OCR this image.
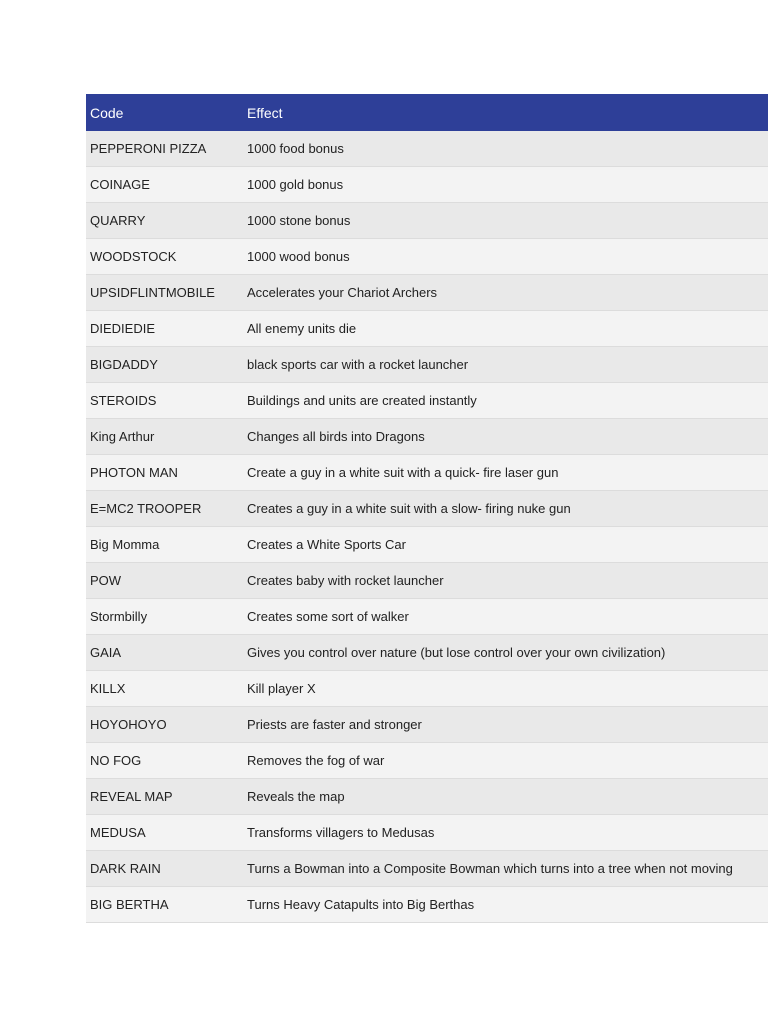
Code	Effect
PEPPERONI PIZZA	1000 food bonus
COINAGE	1000 gold bonus
QUARRY	1000 stone bonus
WOODSTOCK	1000 wood bonus
UPSIDFLINTMOBILE	Accelerates your Chariot Archers
DIEDIEDIE	All enemy units die
BIGDADDY	black sports car with a rocket launcher
STEROIDS	Buildings and units are created instantly
King Arthur	Changes all birds into Dragons
PHOTON MAN	Create a guy in a white suit with a quick- fire laser gun
E=MC2 TROOPER	Creates a guy in a white suit with a slow- firing nuke gun
Big Momma	Creates a White Sports Car
POW	Creates baby with rocket launcher
Stormbilly	Creates some sort of walker
GAIA	Gives you control over nature (but lose control over your own civilization)
KILLX	Kill player X
HOYOHOYO	Priests are faster and stronger
NO FOG	Removes the fog of war
REVEAL MAP	Reveals the map
MEDUSA	Transforms villagers to Medusas
DARK RAIN	Turns a Bowman into a Composite Bowman which turns into a tree when not moving
BIG BERTHA	Turns Heavy Catapults into Big Berthas
